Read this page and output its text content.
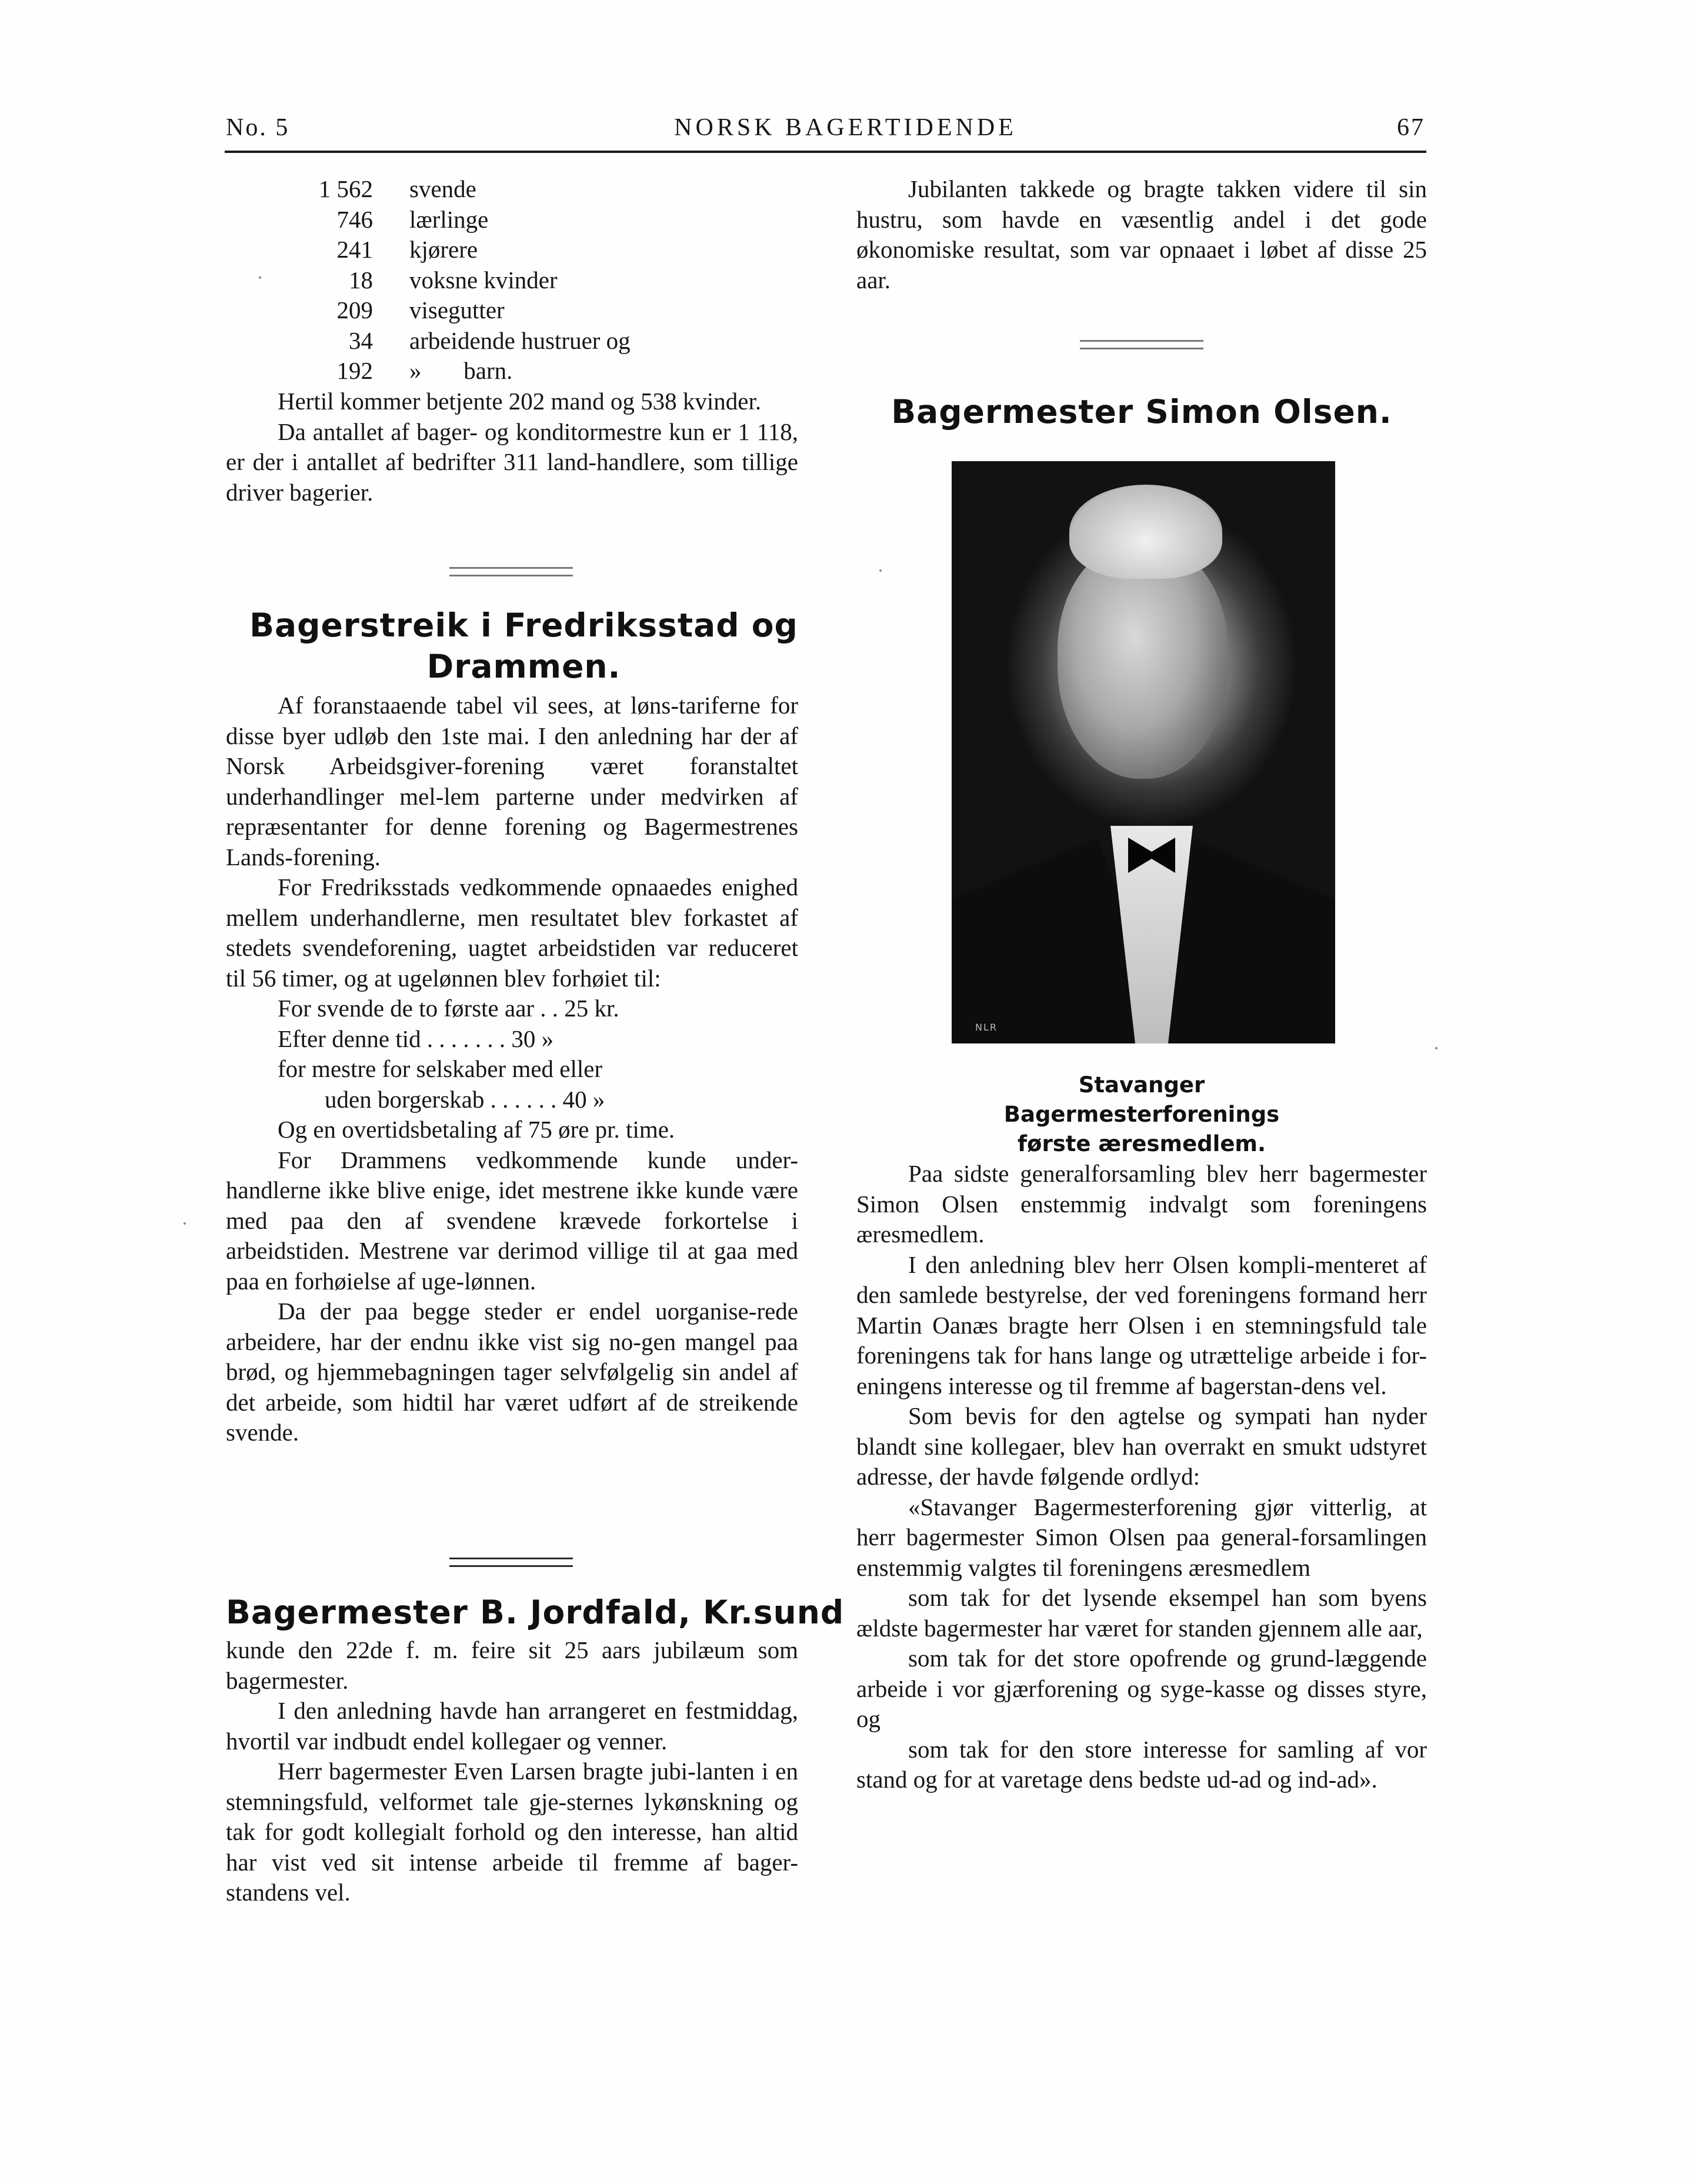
No. 5	NORSK BAGERTIDENDE	67
1 562 svende
746 lærlinge
241 kjørere
18 voksne kvinder
209 visegutter
34 arbeidende hustruer og
192 »       barn.

Hertil kommer betjente 202 mand og 538 kvinder.

Da antallet af bager- og konditormestre kun er 1 118, er der i antallet af bedrifter 311 land-handlere, som tillige driver bagerier.

Bagerstreik i Fredriksstad og Drammen.

Af foranstaaende tabel vil sees, at løns-tariferne for disse byer udløb den 1ste mai. I den anledning har der af Norsk Arbeidsgiver-forening været foranstaltet underhandlinger mel-lem parterne under medvirken af repræsentanter for denne forening og Bagermestrenes Lands-forening.

For Fredriksstads vedkommende opnaaedes enighed mellem underhandlerne, men resultatet blev forkastet af stedets svendeforening, uagtet arbeidstiden var reduceret til 56 timer, og at ugelønnen blev forhøiet til:

For svende de to første aar . . 25 kr.

Efter denne tid . . . . . . . 30 »

for mestre for selskaber med eller

uden borgerskab . . . . . . 40 »

Og en overtidsbetaling af 75 øre pr. time.

For Drammens vedkommende kunde under-handlerne ikke blive enige, idet mestrene ikke kunde være med paa den af svendene krævede forkortelse i arbeidstiden. Mestrene var derimod villige til at gaa med paa en forhøielse af uge-lønnen.

Da der paa begge steder er endel uorganise-rede arbeidere, har der endnu ikke vist sig no-gen mangel paa brød, og hjemmebagningen tager selvfølgelig sin andel af det arbeide, som hidtil har været udført af de streikende svende.

Bagermester B. Jordfald, Kr.sund

kunde den 22de f. m. feire sit 25 aars jubilæum som bagermester.

I den anledning havde han arrangeret en festmiddag, hvortil var indbudt endel kollegaer og venner.

Herr bagermester Even Larsen bragte jubi-lanten i en stemningsfuld, velformet tale gje-sternes lykønskning og tak for godt kollegialt forhold og den interesse, han altid har vist ved sit intense arbeide til fremme af bager-standens vel.

Jubilanten takkede og bragte takken videre til sin hustru, som havde en væsentlig andel i det gode økonomiske resultat, som var opnaaet i løbet af disse 25 aar.

Bagermester Simon Olsen.
NLR
Stavanger Bagermesterforenings første æresmedlem.

Paa sidste generalforsamling blev herr bagermester Simon Olsen enstemmig indvalgt som foreningens æresmedlem.

I den anledning blev herr Olsen kompli-menteret af den samlede bestyrelse, der ved foreningens formand herr Martin Oanæs bragte herr Olsen i en stemningsfuld tale foreningens tak for hans lange og utrættelige arbeide i for-eningens interesse og til fremme af bagerstan-dens vel.

Som bevis for den agtelse og sympati han nyder blandt sine kollegaer, blev han overrakt en smukt udstyret adresse, der havde følgende ordlyd:

«Stavanger Bagermesterforening gjør vitterlig, at herr bagermester Simon Olsen paa general-forsamlingen enstemmig valgtes til foreningens æresmedlem

som tak for det lysende eksempel han som byens ældste bagermester har været for standen gjennem alle aar,

som tak for det store opofrende og grund-læggende arbeide i vor gjærforening og syge-kasse og disses styre, og

som tak for den store interesse for samling af vor stand og for at varetage dens bedste ud-ad og ind-ad».
